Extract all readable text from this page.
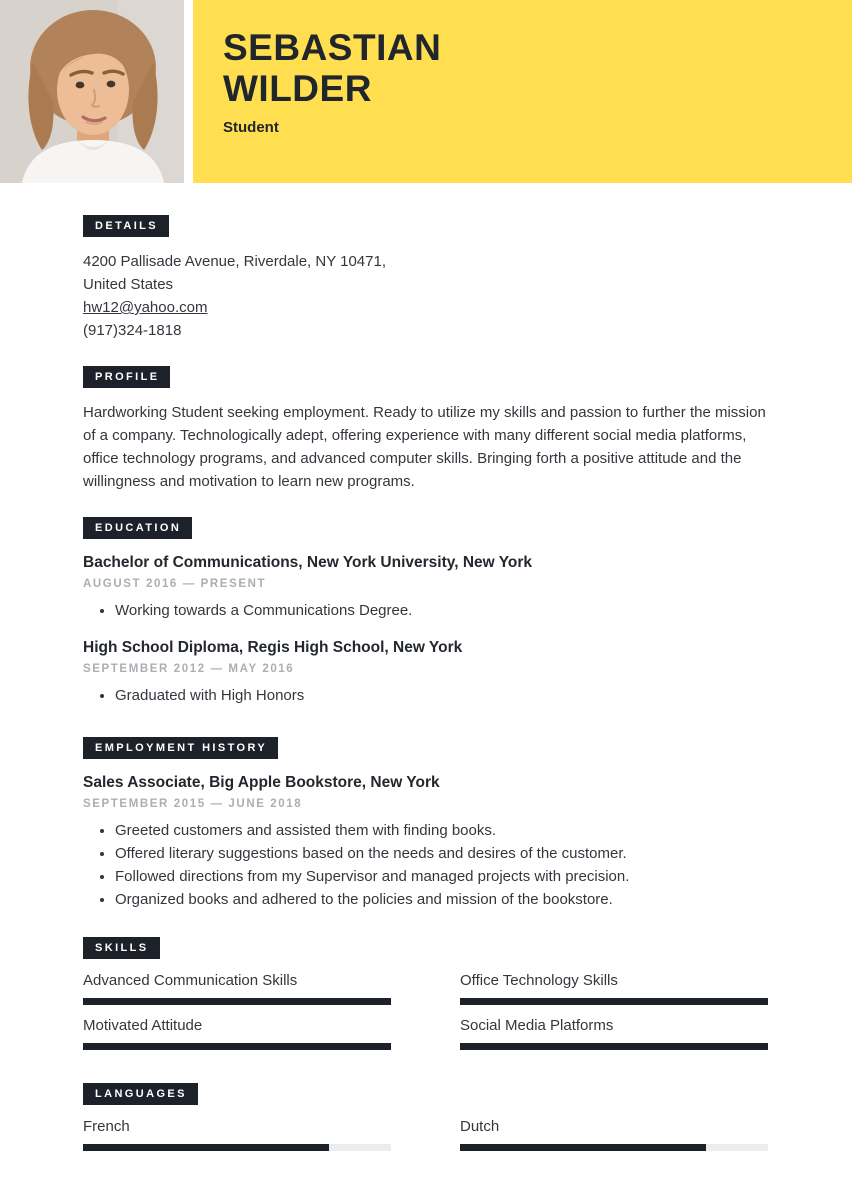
SEBASTIAN
WILDER
Student
DETAILS
4200 Pallisade Avenue, Riverdale, NY 10471,
United States
hw12@yahoo.com
(917)324-1818
PROFILE
Hardworking Student seeking employment. Ready to utilize my skills and passion to further the mission of a company. Technologically adept, offering experience with many different social media platforms, office technology programs, and advanced computer skills. Bringing forth a positive attitude and the willingness and motivation to learn new programs.
EDUCATION
Bachelor of Communications, New York University, New York
AUGUST 2016 — PRESENT
• Working towards a Communications Degree.
High School Diploma, Regis High School, New York
SEPTEMBER 2012 — MAY 2016
• Graduated with High Honors
EMPLOYMENT HISTORY
Sales Associate, Big Apple Bookstore, New York
SEPTEMBER 2015 — JUNE 2018
• Greeted customers and assisted them with finding books.
• Offered literary suggestions based on the needs and desires of the customer.
• Followed directions from my Supervisor and managed projects with precision.
• Organized books and adhered to the policies and mission of the bookstore.
SKILLS
Advanced Communication Skills	Office Technology Skills
Motivated Attitude	Social Media Platforms
LANGUAGES
French	Dutch
